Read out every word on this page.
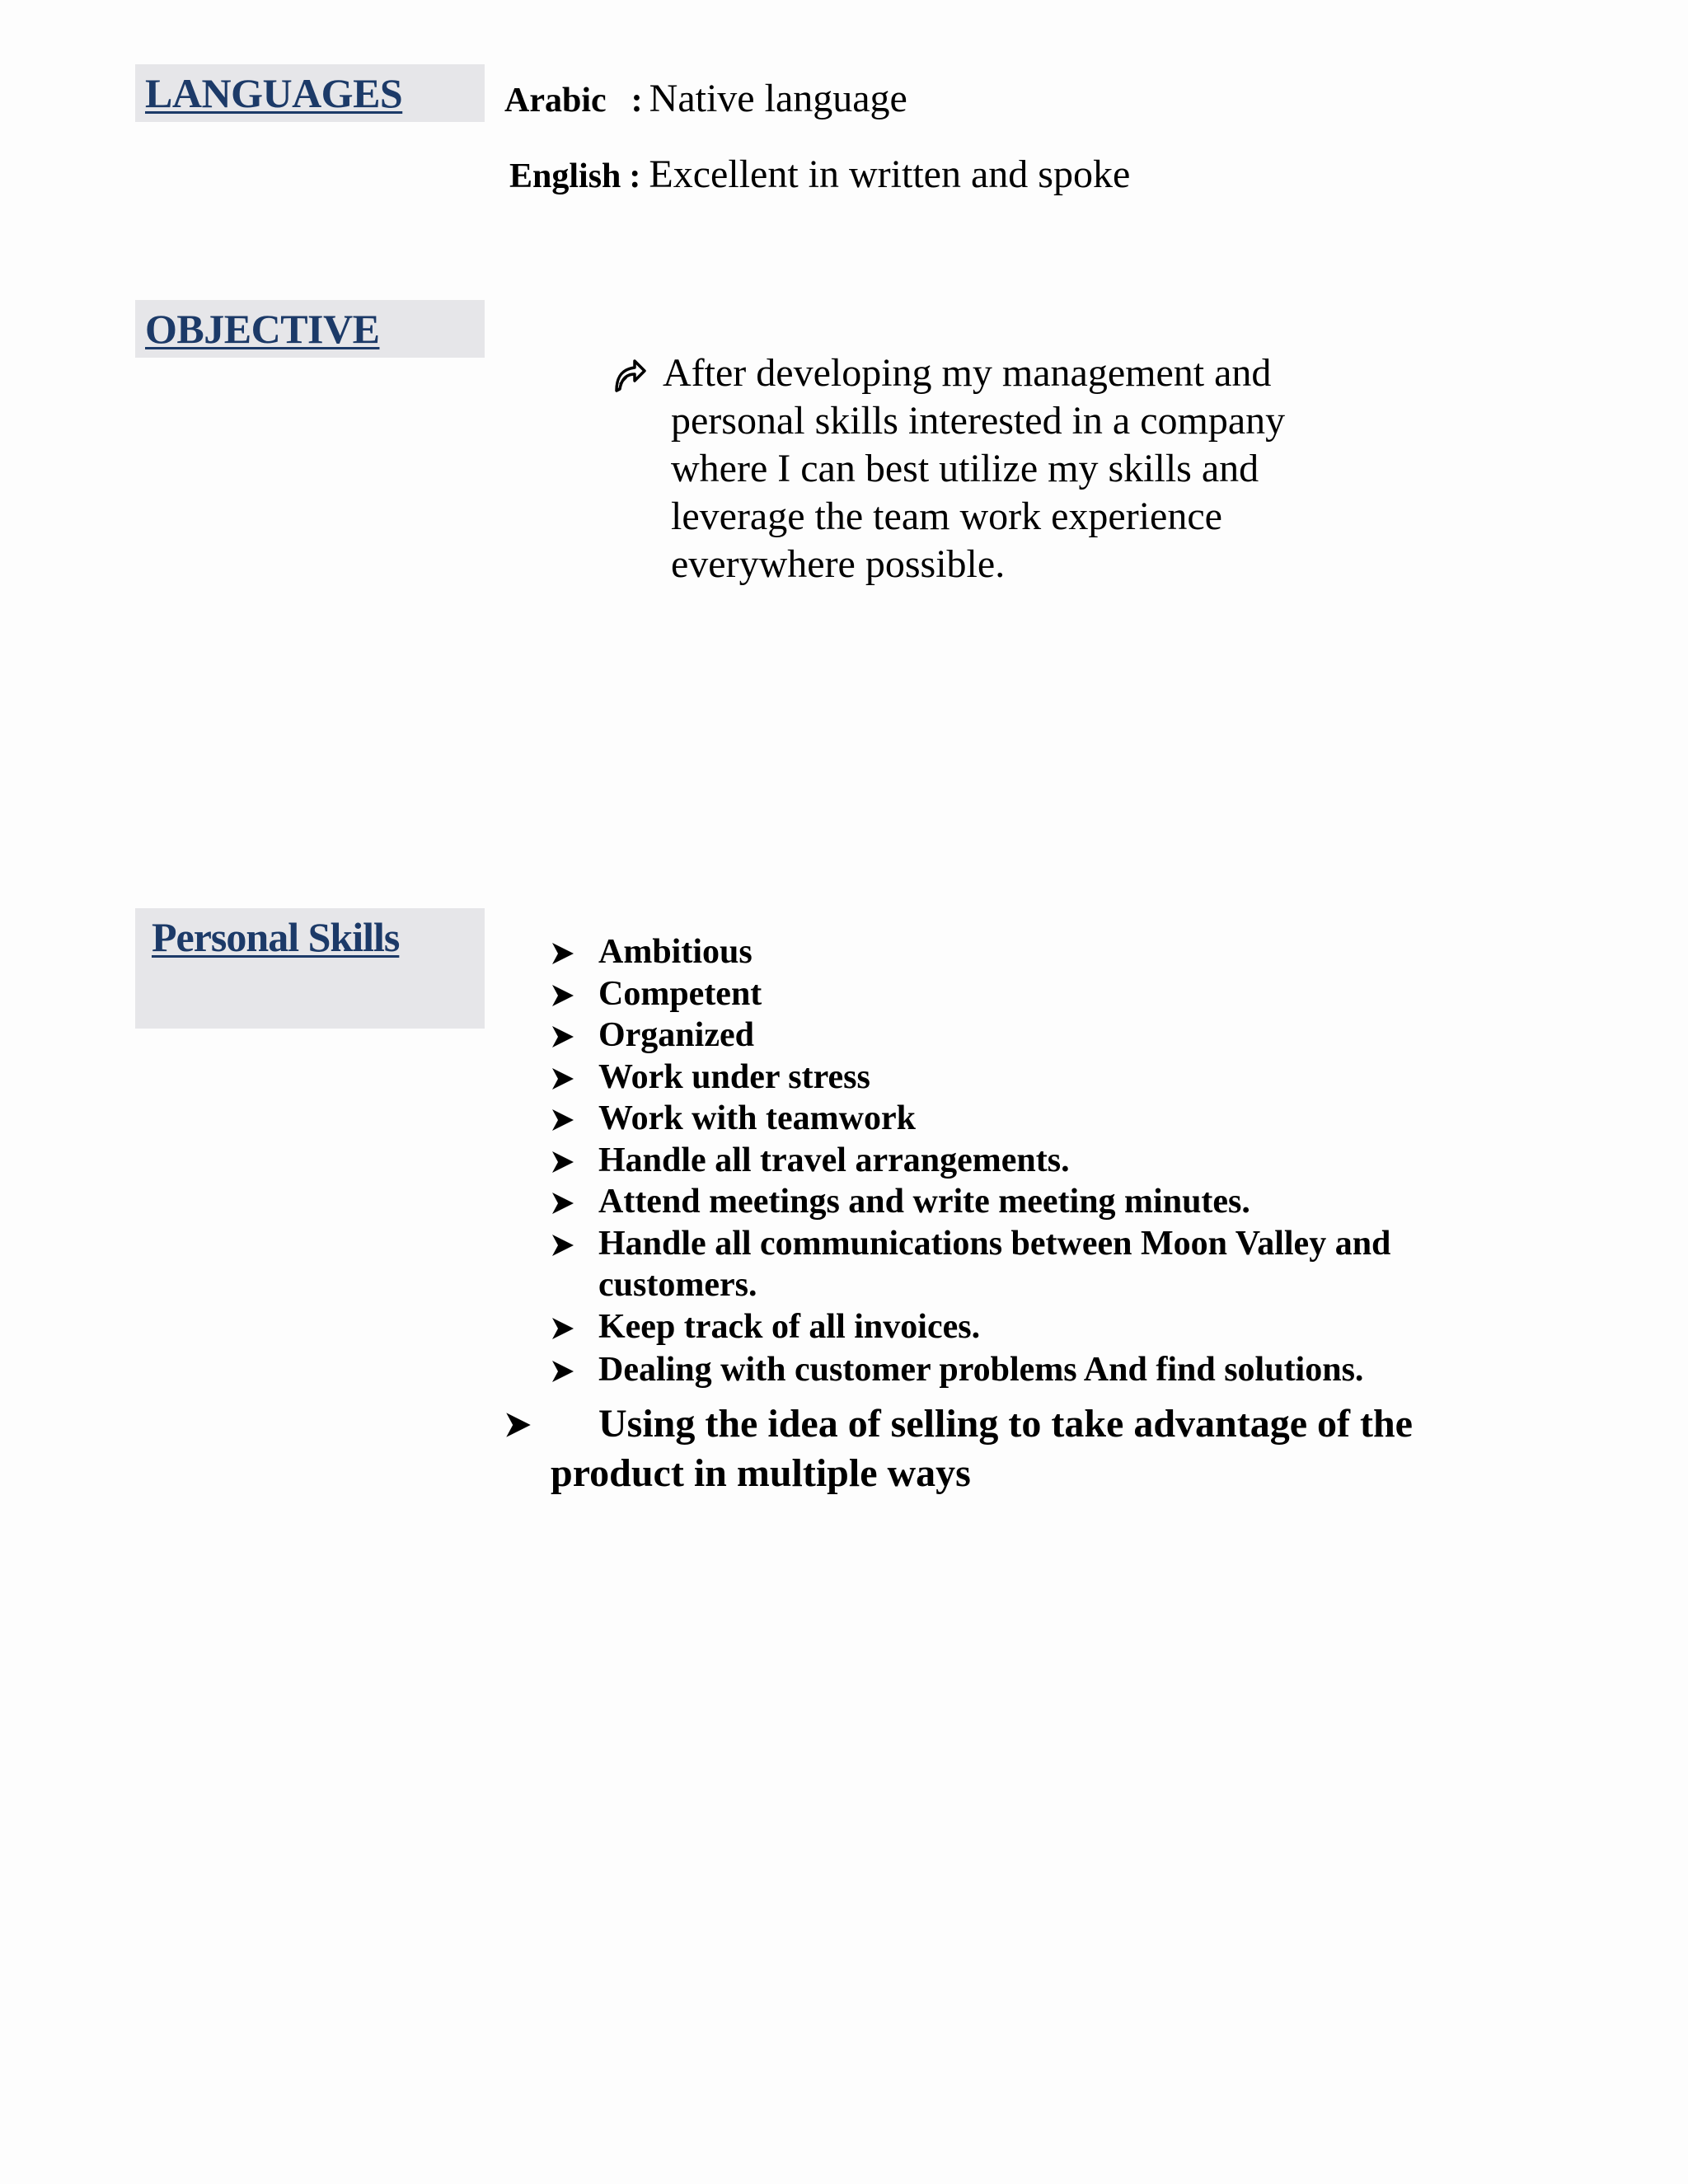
LANGUAGES	Arabic : Native language
English : Excellent in written and spoke
OBJECTIVE
After developing my management and
personal skills interested in a company
where I can best utilize my skills and
leverage the team work experience
everywhere possible.
Personal Skills	Ambitious
Competent
Organized
Work under stress
Work with teamwork
Handle all travel arrangements.
Attend meetings and write meeting minutes.
Handle all communications between Moon Valley and
customers.
Keep track of all invoices.
Dealing with customer problems And find solutions.
Using the idea of selling to take advantage of the
product in multiple ways
